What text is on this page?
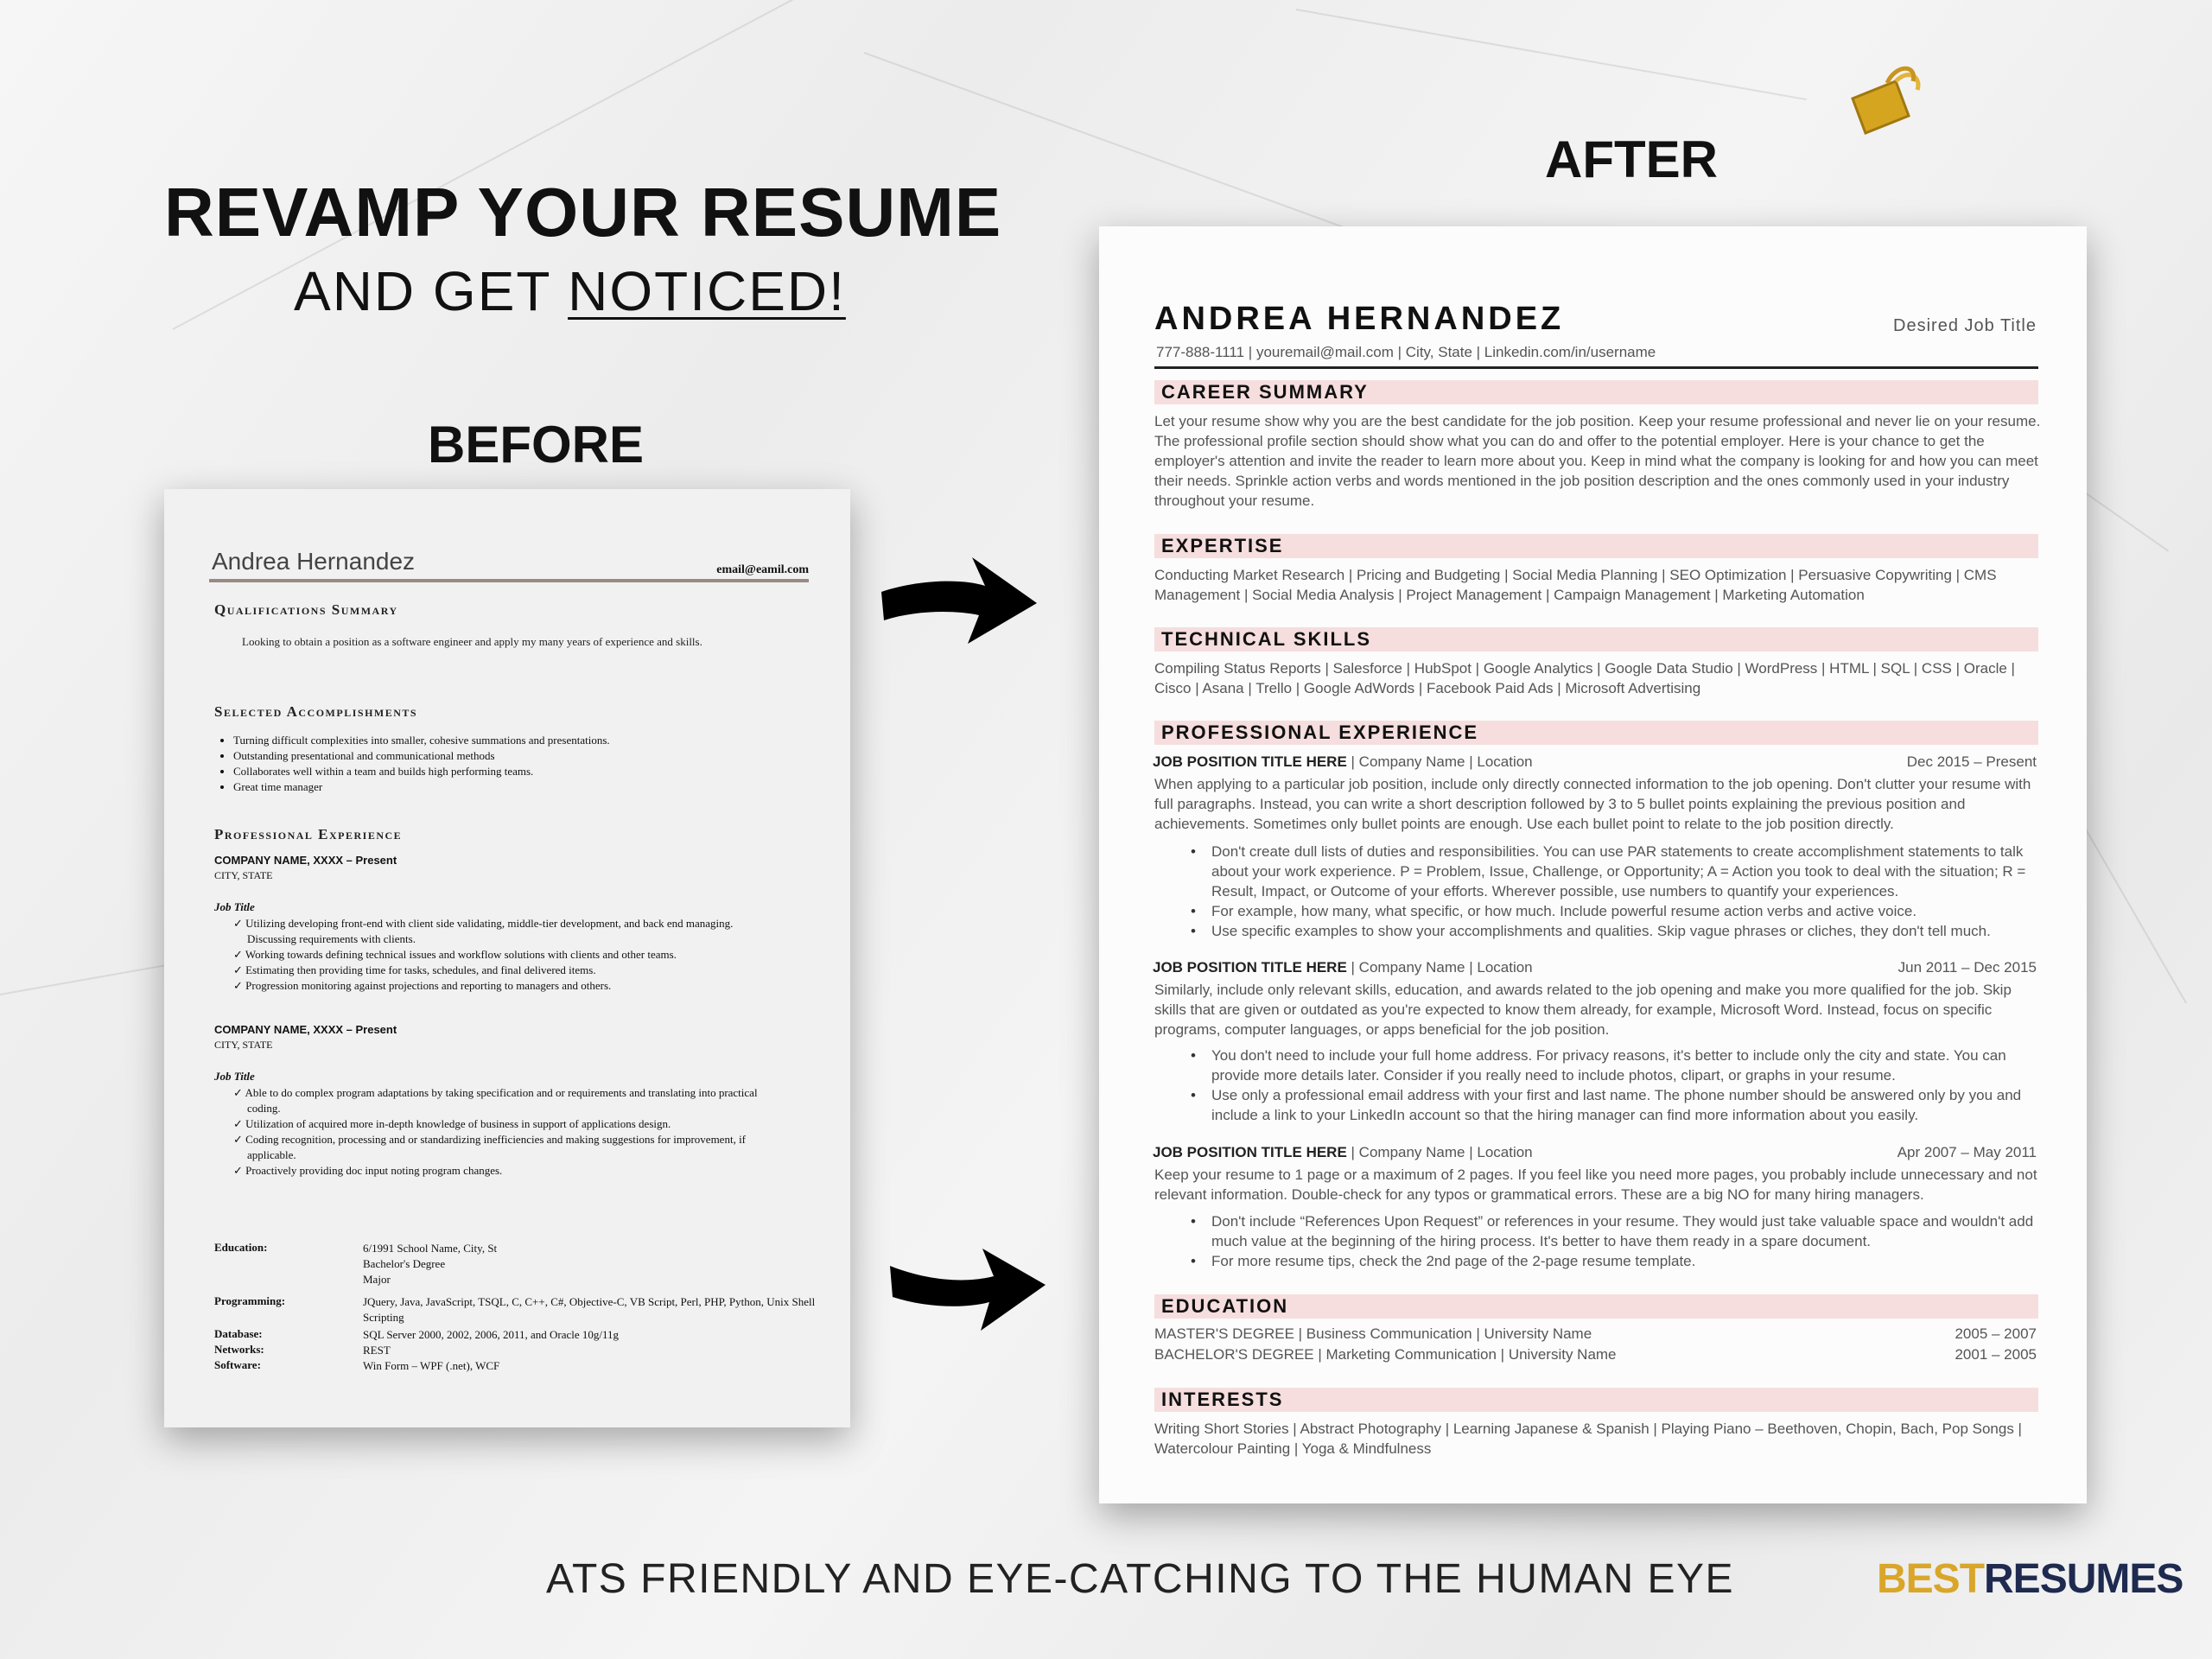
REVAMP YOUR RESUME
AND GET NOTICED!
BEFORE
AFTER
Andrea Hernandez	email@eamil.com
Qualifications Summary
Looking to obtain a position as a software engineer and apply my many years of experience and skills.
Selected Accomplishments
• Turning difficult complexities into smaller, cohesive summations and presentations.
• Outstanding presentational and communicational methods
• Collaborates well within a team and builds high performing teams.
• Great time manager
Professional Experience
COMPANY NAME, XXXX – Present
CITY, STATE
Job Title
✓ Utilizing developing front-end with client side validating, middle-tier development, and back end managing. Discussing requirements with clients.
✓ Working towards defining technical issues and workflow solutions with clients and other teams.
✓ Estimating then providing time for tasks, schedules, and final delivered items.
✓ Progression monitoring against projections and reporting to managers and others.
COMPANY NAME, XXXX – Present
CITY, STATE
Job Title
✓ Able to do complex program adaptations by taking specification and or requirements and translating into practical coding.
✓ Utilization of acquired more in-depth knowledge of business in support of applications design.
✓ Coding recognition, processing and or standardizing inefficiencies and making suggestions for improvement, if applicable.
✓ Proactively providing doc input noting program changes.
Education:	6/1991 School Name, City, St
Bachelor's Degree
Major
Programming:	JQuery, Java, JavaScript, TSQL, C, C++, C#, Objective-C, VB Script, Perl, PHP, Python, Unix Shell Scripting
Database:	SQL Server 2000, 2002, 2006, 2011, and Oracle 10g/11g
Networks:	REST
Software:	Win Form – WPF (.net), WCF
ANDREA HERNANDEZ	Desired Job Title
777-888-1111 | youremail@mail.com | City, State | Linkedin.com/in/username
CAREER SUMMARY
Let your resume show why you are the best candidate for the job position. Keep your resume professional and never lie on your resume. The professional profile section should show what you can do and offer to the potential employer. Here is your chance to get the employer's attention and invite the reader to learn more about you. Keep in mind what the company is looking for and how you can meet their needs. Sprinkle action verbs and words mentioned in the job position description and the ones commonly used in your industry throughout your resume.
EXPERTISE
Conducting Market Research | Pricing and Budgeting | Social Media Planning | SEO Optimization | Persuasive Copywriting | CMS Management | Social Media Analysis | Project Management | Campaign Management | Marketing Automation
TECHNICAL SKILLS
Compiling Status Reports | Salesforce | HubSpot | Google Analytics | Google Data Studio | WordPress | HTML | SQL | CSS | Oracle | Cisco | Asana | Trello | Google AdWords | Facebook Paid Ads | Microsoft Advertising
PROFESSIONAL EXPERIENCE
JOB POSITION TITLE HERE | Company Name | Location	Dec 2015 – Present
When applying to a particular job position, include only directly connected information to the job opening. Don't clutter your resume with full paragraphs. Instead, you can write a short description followed by 3 to 5 bullet points explaining the previous position and achievements. Sometimes only bullet points are enough. Use each bullet point to relate to the job position directly.
• Don't create dull lists of duties and responsibilities. You can use PAR statements to create accomplishment statements to talk about your work experience. P = Problem, Issue, Challenge, or Opportunity; A = Action you took to deal with the situation; R = Result, Impact, or Outcome of your efforts. Wherever possible, use numbers to quantify your experiences.
• For example, how many, what specific, or how much. Include powerful resume action verbs and active voice.
• Use specific examples to show your accomplishments and qualities. Skip vague phrases or cliches, they don't tell much.
JOB POSITION TITLE HERE | Company Name | Location	Jun 2011 – Dec 2015
Similarly, include only relevant skills, education, and awards related to the job opening and make you more qualified for the job. Skip skills that are given or outdated as you're expected to know them already, for example, Microsoft Word. Instead, focus on specific programs, computer languages, or apps beneficial for the job position.
• You don't need to include your full home address. For privacy reasons, it's better to include only the city and state. You can provide more details later. Consider if you really need to include photos, clipart, or graphs in your resume.
• Use only a professional email address with your first and last name. The phone number should be answered only by you and include a link to your LinkedIn account so that the hiring manager can find more information about you easily.
JOB POSITION TITLE HERE | Company Name | Location	Apr 2007 – May 2011
Keep your resume to 1 page or a maximum of 2 pages. If you feel like you need more pages, you probably include unnecessary and not relevant information. Double-check for any typos or grammatical errors. These are a big NO for many hiring managers.
• Don't include “References Upon Request” or references in your resume. They would just take valuable space and wouldn't add much value at the beginning of the hiring process. It's better to have them ready in a spare document.
• For more resume tips, check the 2nd page of the 2-page resume template.
EDUCATION
MASTER'S DEGREE | Business Communication | University Name	2005 – 2007
BACHELOR'S DEGREE | Marketing Communication | University Name	2001 – 2005
INTERESTS
Writing Short Stories | Abstract Photography | Learning Japanese & Spanish | Playing Piano – Beethoven, Chopin, Bach, Pop Songs | Watercolour Painting | Yoga & Mindfulness
ATS FRIENDLY AND EYE-CATCHING TO THE HUMAN EYE	BESTRESUMES
